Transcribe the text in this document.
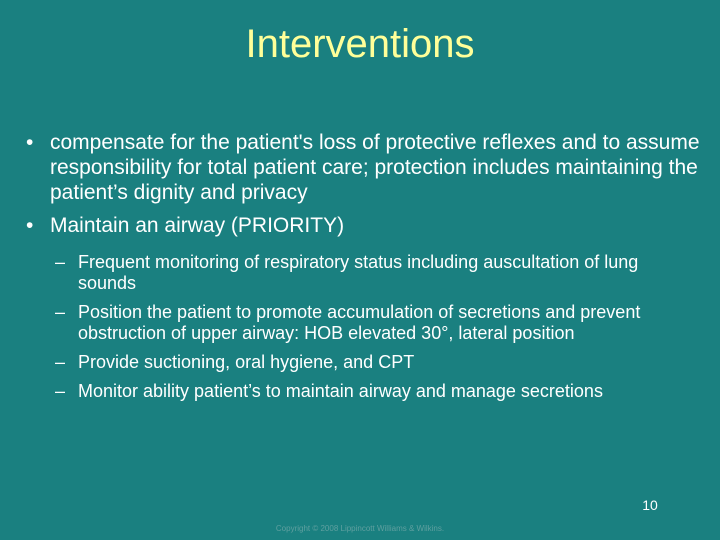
Interventions
• compensate for the patient's loss of protective reflexes and to assume responsibility for total patient care; protection includes maintaining the patient’s dignity and privacy
• Maintain an airway (PRIORITY)
– Frequent monitoring of respiratory status including auscultation of lung sounds
– Position the patient to promote accumulation of secretions and prevent obstruction of upper airway: HOB elevated 30°, lateral position
– Provide suctioning, oral hygiene, and CPT
– Monitor ability patient’s to maintain airway and manage secretions
10
Copyright © 2008 Lippincott Williams & Wilkins.
